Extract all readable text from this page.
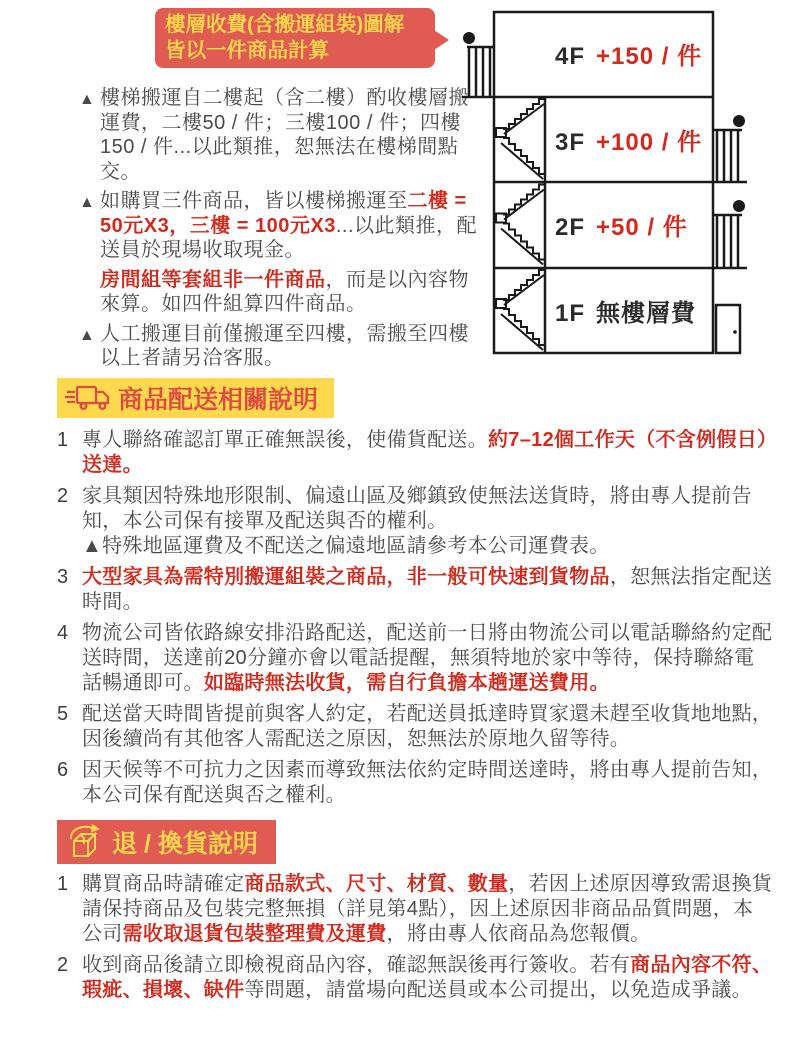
樓層收費(含搬運組裝)圖解
皆以一件商品計算
▲ 樓梯搬運自二樓起（含二樓）酌收樓層搬運費，二樓50 / 件；三樓100 / 件；四樓150 / 件...以此類推，恕無法在樓梯間點交。
▲ 如購買三件商品，皆以樓梯搬運至二樓 = 50元X3，三樓 = 100元X3...以此類推，配送員於現場收取現金。
房間組等套組非一件商品，而是以內容物來算。如四件組算四件商品。
▲ 人工搬運目前僅搬運至四樓，需搬至四樓以上者請另洽客服。
4F +150 / 件
3F +100 / 件
2F +50 / 件
1F 無樓層費
商品配送相關說明
1 專人聯絡確認訂單正確無誤後，使備貨配送。約7–12個工作天（不含例假日）送達。
2 家具類因特殊地形限制、偏遠山區及鄉鎮致使無法送貨時，將由專人提前告知，本公司保有接單及配送與否的權利。
▲特殊地區運費及不配送之偏遠地區請參考本公司運費表。
3 大型家具為需特別搬運組裝之商品，非一般可快速到貨物品，恕無法指定配送時間。
4 物流公司皆依路線安排沿路配送，配送前一日將由物流公司以電話聯絡約定配送時間，送達前20分鐘亦會以電話提醒，無須特地於家中等待，保持聯絡電話暢通即可。如臨時無法收貨，需自行負擔本趟運送費用。
5 配送當天時間皆提前與客人約定，若配送員抵達時買家還未趕至收貨地地點，因後續尚有其他客人需配送之原因，恕無法於原地久留等待。
6 因天候等不可抗力之因素而導致無法依約定時間送達時，將由專人提前告知，本公司保有配送與否之權利。
退 / 換貨說明
1 購買商品時請確定商品款式、尺寸、材質、數量，若因上述原因導致需退換貨請保持商品及包裝完整無損（詳見第4點），因上述原因非商品品質問題，本公司需收取退貨包裝整理費及運費，將由專人依商品為您報價。
2 收到商品後請立即檢視商品內容，確認無誤後再行簽收。若有商品內容不符、瑕疵、損壞、缺件等問題，請當場向配送員或本公司提出，以免造成爭議。
